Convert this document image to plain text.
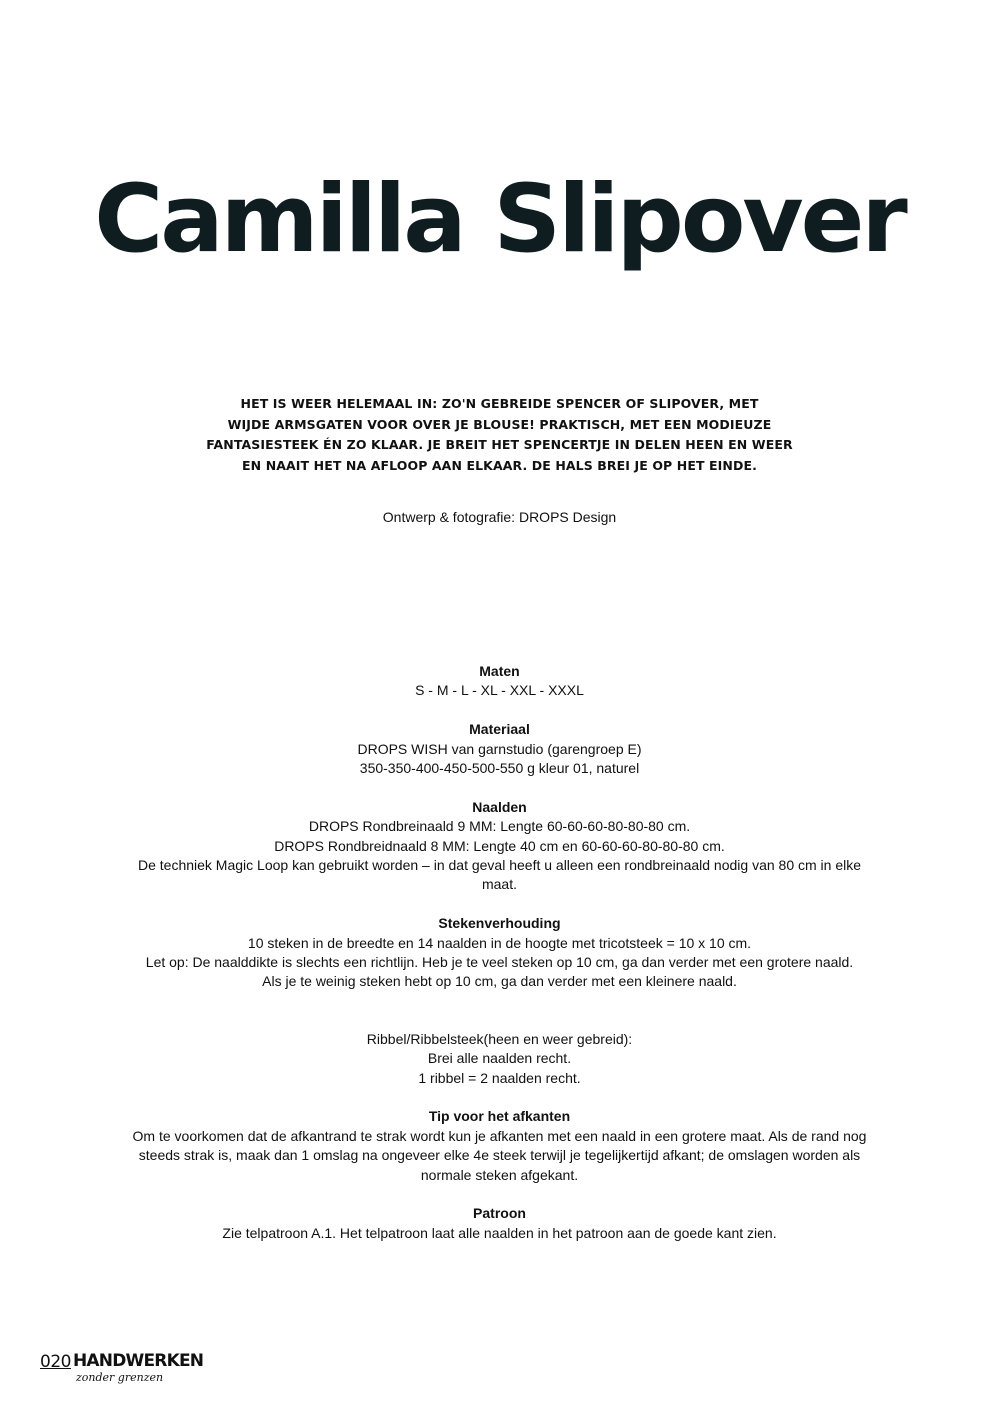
Camilla Slipover

HET IS WEER HELEMAAL IN: ZO'N GEBREIDE SPENCER OF SLIPOVER, MET

WIJDE ARMSGATEN VOOR OVER JE BLOUSE! PRAKTISCH, MET EEN MODIEUZE

FANTASIESTEEK ÉN ZO KLAAR. JE BREIT HET SPENCERTJE IN DELEN HEEN EN WEER

EN NAAIT HET NA AFLOOP AAN ELKAAR. DE HALS BREI JE OP HET EINDE.

Ontwerp & fotografie: DROPS Design
Maten

S - M - L - XL - XXL - XXXL

Materiaal

DROPS WISH van garnstudio (garengroep E)

350-350-400-450-500-550 g kleur 01, naturel

Naalden

DROPS Rondbreinaald 9 MM: Lengte 60-60-60-80-80-80 cm.

DROPS Rondbreidnaald 8 MM: Lengte 40 cm en 60-60-60-80-80-80 cm.

De techniek Magic Loop kan gebruikt worden – in dat geval heeft u alleen een rondbreinaald nodig van 80 cm in elke maat.

Stekenverhouding

10 steken in de breedte en 14 naalden in de hoogte met tricotsteek = 10 x 10 cm.

Let op: De naalddikte is slechts een richtlijn. Heb je te veel steken op 10 cm, ga dan verder met een grotere naald.

Als je te weinig steken hebt op 10 cm, ga dan verder met een kleinere naald.

Ribbel/Ribbelsteek(heen en weer gebreid):

Brei alle naalden recht.

1 ribbel = 2 naalden recht.

Tip voor het afkanten

Om te voorkomen dat de afkantrand te strak wordt kun je afkanten met een naald in een grotere maat. Als de rand nog steeds strak is, maak dan 1 omslag na ongeveer elke 4e steek terwijl je tegelijkertijd afkant; de omslagen worden als normale steken afgekant.

Patroon

Zie telpatroon A.1. Het telpatroon laat alle naalden in het patroon aan de goede kant zien.

020 HANDWERKEN
zonder grenzen
